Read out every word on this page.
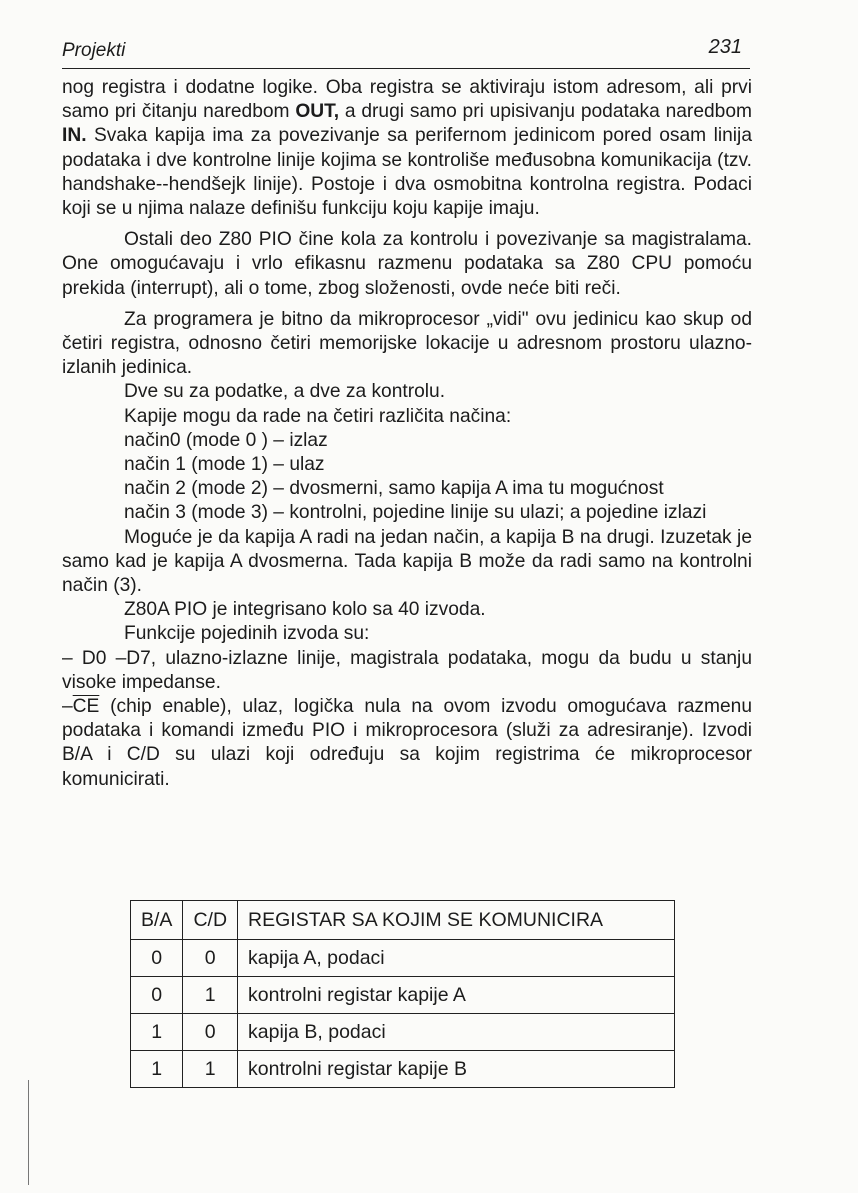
Projekti	231

nog registra i dodatne logike. Oba registra se aktiviraju istom adresom, ali prvi samo pri čitanju naredbom OUT, a drugi samo pri upisivanju podataka naredbom IN. Svaka kapija ima za povezivanje sa perifernom jedinicom pored osam linija podataka i dve kontrolne linije kojima se kontroliše međusobna komunikacija (tzv. handshake--hendšejk linije). Postoje i dva osmobitna kontrolna registra. Podaci koji se u njima nalaze definišu funkciju koju kapije imaju.

Ostali deo Z80 PIO čine kola za kontrolu i povezivanje sa magistralama. One omogućavaju i vrlo efikasnu razmenu podataka sa Z80 CPU pomoću prekida (interrupt), ali o tome, zbog složenosti, ovde neće biti reči.

Za programera je bitno da mikroprocesor „vidi" ovu jedinicu kao skup od četiri registra, odnosno četiri memorijske lokacije u adresnom prostoru ulazno-izlanih jedinica.

Dve su za podatke, a dve za kontrolu.

Kapije mogu da rade na četiri različita načina:

način0 (mode 0 ) – izlaz

način 1 (mode 1) – ulaz

način 2 (mode 2) – dvosmerni, samo kapija A ima tu mogućnost

način 3 (mode 3) – kontrolni, pojedine linije su ulazi; a pojedine izlazi

Moguće je da kapija A radi na jedan način, a kapija B na drugi. Izuzetak je samo kad je kapija A dvosmerna. Tada kapija B može da radi samo na kontrolni način (3).

Z80A PIO je integrisano kolo sa 40 izvoda.

Funkcije pojedinih izvoda su:

– D0 –D7, ulazno-izlazne linije, magistrala podataka, mogu da budu u stanju visoke impedanse.

$-\overline{CE}$ (chip enable), ulaz, logička nula na ovom izvodu omogućava razmenu podataka i komandi između PIO i mikroprocesora (služi za adresiranje). Izvodi B/A i C/D su ulazi koji određuju sa kojim registrima će mikroprocesor komunicirati.

B/A	C/D	REGISTAR SA KOJIM SE KOMUNICIRA
0	0	kapija A, podaci
0	1	kontrolni registar kapije A
1	0	kapija B, podaci
1	1	kontrolni registar kapije B
